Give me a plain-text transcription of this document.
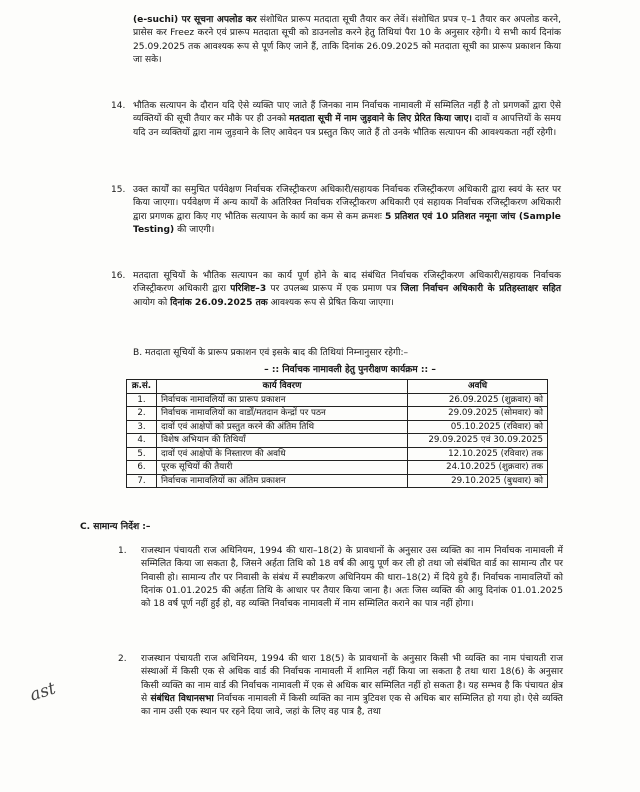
(e-suchi) पर सूचना अपलोड कर संशोधित प्रारूप मतदाता सूची तैयार कर लेवें। संशोधित प्रपत्र ए–1 तैयार कर अपलोड करने, प्रासेस कर Freez करने एवं प्रारूप मतदाता सूची को डाउनलोड करने हेतु तिथियां पैरा 10 के अनुसार रहेगी। ये सभी कार्य दिनांक 25.09.2025 तक आवश्यक रूप से पूर्ण किए जाने हैं, ताकि दिनांक 26.09.2025 को मतदाता सूची का प्रारूप प्रकाशन किया जा सके।

14. भौतिक सत्यापन के दौरान यदि ऐसे व्यक्ति पाए जाते हैं जिनका नाम निर्वाचक नामावली में सम्मिलित नहीं है तो प्रगणकों द्वारा ऐसे व्यक्तियों की सूची तैयार कर मौके पर ही उनको मतदाता सूची में नाम जुड़वाने के लिए प्रेरित किया जाए। दावों व आपत्तियों के समय यदि उन व्यक्तियों द्वारा नाम जुड़वाने के लिए आवेदन पत्र प्रस्तुत किए जाते हैं तो उनके भौतिक सत्यापन की आवश्यकता नहीं रहेगी।

15. उक्त कार्यों का समुचित पर्यवेक्षण निर्वाचक रजिस्ट्रीकरण अधिकारी/सहायक निर्वाचक रजिस्ट्रीकरण अधिकारी द्वारा स्वयं के स्तर पर किया जाएगा। पर्यवेक्षण में अन्य कार्यों के अतिरिक्त निर्वाचक रजिस्ट्रीकरण अधिकारी एवं सहायक निर्वाचक रजिस्ट्रीकरण अधिकारी द्वारा प्रगणक द्वारा किए गए भौतिक सत्यापन के कार्य का कम से कम क्रमशः 5 प्रतिशत एवं 10 प्रतिशत नमूना जांच (Sample Testing) की जाएगी।

16. मतदाता सूचियों के भौतिक सत्यापन का कार्य पूर्ण होने के बाद संबंधित निर्वाचक रजिस्ट्रीकरण अधिकारी/सहायक निर्वाचक रजिस्ट्रीकरण अधिकारी द्वारा परिशिष्ट–3 पर उपलब्ध प्रारूप में एक प्रमाण पत्र जिला निर्वाचन अधिकारी के प्रतिहस्ताक्षर सहित आयोग को दिनांक 26.09.2025 तक आवश्यक रूप से प्रेषित किया जाएगा।

B. मतदाता सूचियों के प्रारूप प्रकाशन एवं इसके बाद की तिथियां निम्नानुसार रहेगी:–

– :: निर्वाचक नामावली हेतु पुनरीक्षण कार्यक्रम :: –

क्र.सं.	कार्य विवरण	अवधि
1.	निर्वाचक नामावलियों का प्रारूप प्रकाशन	26.09.2025 (शुक्रवार) को
2.	निर्वाचक नामावलियों का वार्डों/मतदान केन्द्रों पर पठन	29.09.2025 (सोमवार) को
3.	दावों एवं आक्षेपों को प्रस्तुत करने की अंतिम तिथि	05.10.2025 (रविवार) को
4.	विशेष अभियान की तिथियाँ	29.09.2025 एवं 30.09.2025
5.	दावों एवं आक्षेपों के निस्तारण की अवधि	12.10.2025 (रविवार) तक
6.	पूरक सूचियों की तैयारी	24.10.2025 (शुक्रवार) तक
7.	निर्वाचक नामावलियों का अंतिम प्रकाशन	29.10.2025 (बुधवार) को

C. सामान्य निर्देश :–

1. राजस्थान पंचायती राज अधिनियम, 1994 की धारा–18(2) के प्रावधानों के अनुसार उस व्यक्ति का नाम निर्वाचक नामावली में सम्मिलित किया जा सकता है, जिसने अर्हता तिथि को 18 वर्ष की आयु पूर्ण कर ली हो तथा जो संबंधित वार्ड का सामान्य तौर पर निवासी हो। सामान्य तौर पर निवासी के संबंध में स्पष्टीकरण अधिनियम की धारा–18(2) में दिये हुये हैं। निर्वाचक नामावलियों को दिनांक 01.01.2025 की अर्हता तिथि के आधार पर तैयार किया जाना है। अतः जिस व्यक्ति की आयु दिनांक 01.01.2025 को 18 वर्ष पूर्ण नहीं हुई हो, वह व्यक्ति निर्वाचक नामावली में नाम सम्मिलित कराने का पात्र नहीं होगा।

2. राजस्थान पंचायती राज अधिनियम, 1994 की धारा 18(5) के प्रावधानों के अनुसार किसी भी व्यक्ति का नाम पंचायती राज संस्थाओं में किसी एक से अधिक वार्ड की निर्वाचक नामावली में शामिल नहीं किया जा सकता है तथा धारा 18(6) के अनुसार किसी व्यक्ति का नाम वार्ड की निर्वाचक नामावली में एक से अधिक बार सम्मिलित नहीं हो सकता है। यह सम्भव है कि पंचायत क्षेत्र से संबंधित विधानसभा निर्वाचक नामावली में किसी व्यक्ति का नाम त्रुटिवश एक से अधिक बार सम्मिलित हो गया हो। ऐसे व्यक्ति का नाम उसी एक स्थान पर रहने दिया जावे, जहां के लिए वह पात्र है, तथा

ast
